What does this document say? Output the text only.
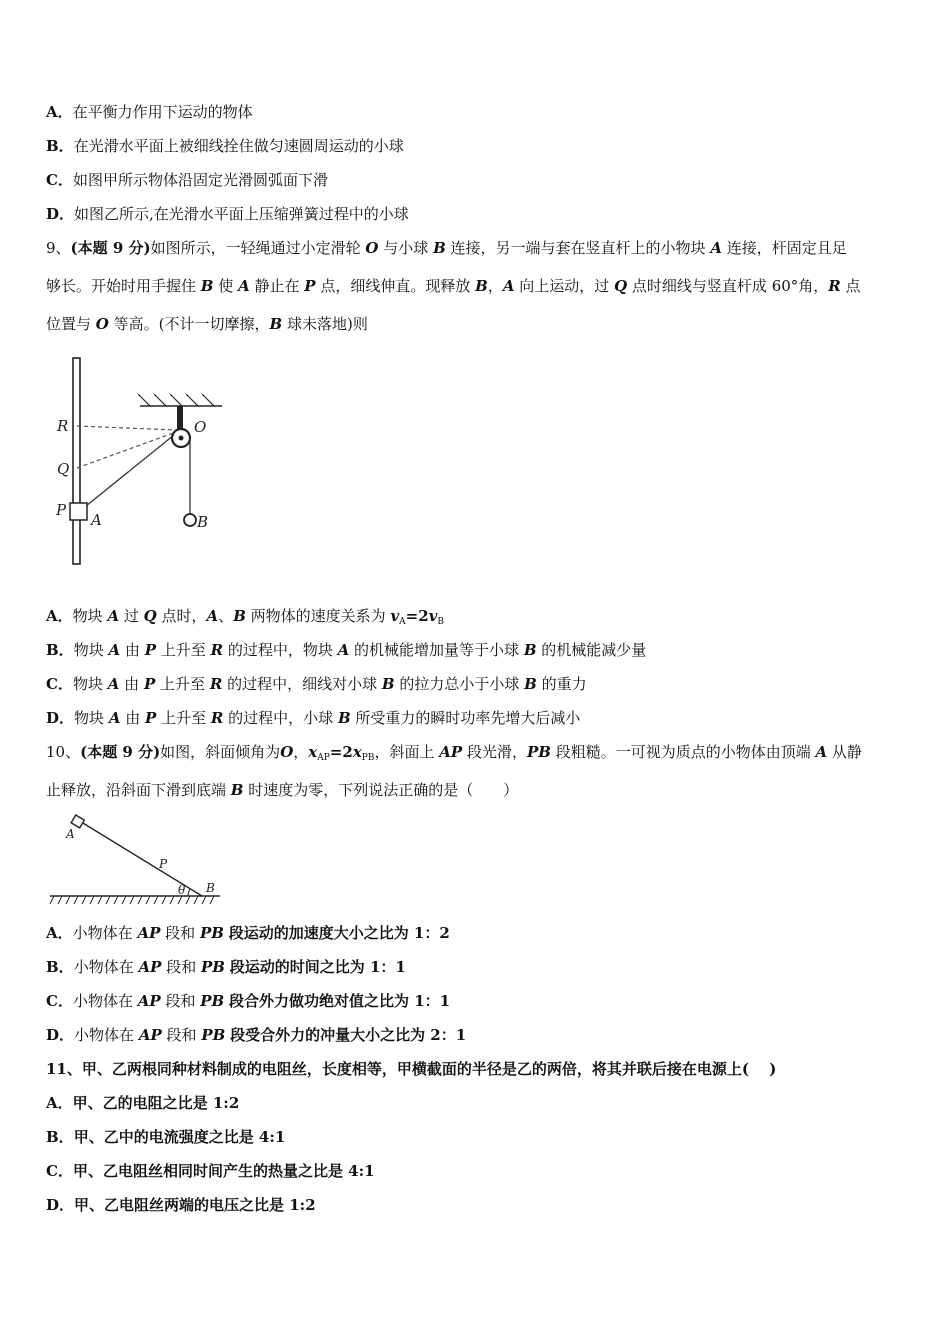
A．在平衡力作用下运动的物体
B．在光滑水平面上被细线拴住做匀速圆周运动的小球
C．如图甲所示物体沿固定光滑圆弧面下滑
D．如图乙所示,在光滑水平面上压缩弹簧过程中的小球
9、(本题 9 分)如图所示，一轻绳通过小定滑轮 O 与小球 B 连接，另一端与套在竖直杆上的小物块 A 连接，杆固定且足
够长。开始时用手握住 B 使 A 静止在 P 点，细线伸直。现释放 B，A 向上运动，过 Q 点时细线与竖直杆成 60°角，R 点
位置与 O 等高。(不计一切摩擦，B 球未落地)则
R
Q
P
A
O
B
A．物块 A 过 Q 点时，A、B 两物体的速度关系为 $v_A=2v_B$
B．物块 A 由 P 上升至 R 的过程中，物块 A 的机械能增加量等于小球 B 的机械能减少量
C．物块 A 由 P 上升至 R 的过程中，细线对小球 B 的拉力总小于小球 B 的重力
D．物块 A 由 P 上升至 R 的过程中，小球 B 所受重力的瞬时功率先增大后减小
10、(本题 9 分)如图，斜面倾角为O，$x_{AP}=2x_{PB}$，斜面上 AP 段光滑，PB 段粗糙。一可视为质点的小物体由顶端 A 从静
止释放，沿斜面下滑到底端 B 时速度为零，下列说法正确的是（　　）
A
P
θ B
A．小物体在 AP 段和 PB 段运动的加速度大小之比为 1：2
B．小物体在 AP 段和 PB 段运动的时间之比为 1：1
C．小物体在 AP 段和 PB 段合外力做功绝对值之比为 1：1
D．小物体在 AP 段和 PB 段受合外力的冲量大小之比为 2：1
11、甲、乙两根同种材料制成的电阻丝，长度相等，甲横截面的半径是乙的两倍，将其并联后接在电源上(　 )
A．甲、乙的电阻之比是 1:2
B．甲、乙中的电流强度之比是 4:1
C．甲、乙电阻丝相同时间产生的热量之比是 4:1
D．甲、乙电阻丝两端的电压之比是 1:2
